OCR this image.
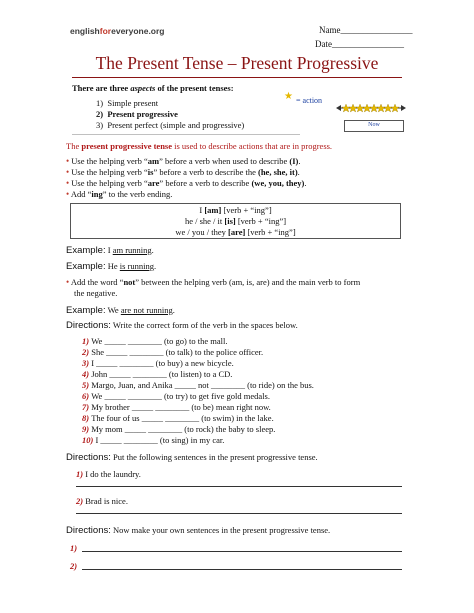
englishforeveryone.org	Name________________
Date________________
The Present Tense – Present Progressive
There are three aspects of the present tenses:
1) Simple present
2) Present progressive
3) Present perfect (simple and progressive)
★ = action
Now
The present progressive tense is used to describe actions that are in progress.
• Use the helping verb “am” before a verb when used to describe (I).
• Use the helping verb “is” before a verb to describe the (he, she, it).
• Use the helping verb “are” before a verb to describe (we, you, they).
• Add “ing” to the verb ending.
I [am] [verb + “ing”]
he / she / it [is] [verb + “ing”]
we / you / they [are] [verb + “ing”]
Example: I am running.
Example: He is running.
• Add the word “not” between the helping verb (am, is, are) and the main verb to form
the negative.
Example: We are not running.
Directions: Write the correct form of the verb in the spaces below.
1) We _____ ________ (to go) to the mall.
2) She _____ ________ (to talk) to the police officer.
3) I _____ ________ (to buy) a new bicycle.
4) John _____ ________ (to listen) to a CD.
5) Margo, Juan, and Anika _____ not ________ (to ride) on the bus.
6) We _____ ________ (to try) to get five gold medals.
7) My brother _____ ________ (to be) mean right now.
8) The four of us _____ ________ (to swim) in the lake.
9) My mom _____ ________ (to rock) the baby to sleep.
10) I _____ ________ (to sing) in my car.
Directions: Put the following sentences in the present progressive tense.
1) I do the laundry.
2) Brad is nice.
Directions: Now make your own sentences in the present progressive tense.
1)
2)
